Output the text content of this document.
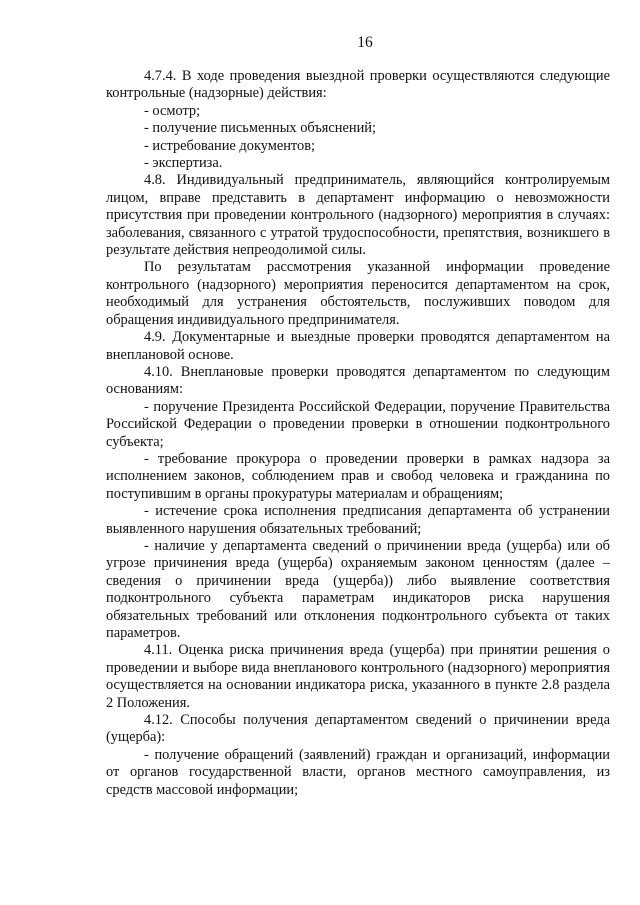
16

4.7.4. В ходе проведения выездной проверки осуществляются следующие контрольные (надзорные) действия:

- осмотр;

- получение письменных объяснений;

- истребование документов;

- экспертиза.

4.8. Индивидуальный предприниматель, являющийся контролируемым лицом, вправе представить в департамент информацию о невозможности присутствия при проведении контрольного (надзорного) мероприятия в случаях: заболевания, связанного с утратой трудоспособности, препятствия, возникшего в результате действия непреодолимой силы.

По результатам рассмотрения указанной информации проведение контрольного (надзорного) мероприятия переносится департаментом на срок, необходимый для устранения обстоятельств, послуживших поводом для обращения индивидуального предпринимателя.

4.9. Документарные и выездные проверки проводятся департаментом на внеплановой основе.

4.10. Внеплановые проверки проводятся департаментом по следующим основаниям:

- поручение Президента Российской Федерации, поручение Правительства Российской Федерации о проведении проверки в отношении подконтрольного субъекта;

- требование прокурора о проведении проверки в рамках надзора за исполнением законов, соблюдением прав и свобод человека и гражданина по поступившим в органы прокуратуры материалам и обращениям;

- истечение срока исполнения предписания департамента об устранении выявленного нарушения обязательных требований;

- наличие у департамента сведений о причинении вреда (ущерба) или об угрозе причинения вреда (ущерба) охраняемым законом ценностям (далее – сведения о причинении вреда (ущерба)) либо выявление соответствия подконтрольного субъекта параметрам индикаторов риска нарушения обязательных требований или отклонения подконтрольного субъекта от таких параметров.

4.11. Оценка риска причинения вреда (ущерба) при принятии решения о проведении и выборе вида внепланового контрольного (надзорного) мероприятия осуществляется на основании индикатора риска, указанного в пункте 2.8 раздела 2 Положения.

4.12. Способы получения департаментом сведений о причинении вреда (ущерба):

- получение обращений (заявлений) граждан и организаций, информации от органов государственной власти, органов местного самоуправления, из средств массовой информации;
